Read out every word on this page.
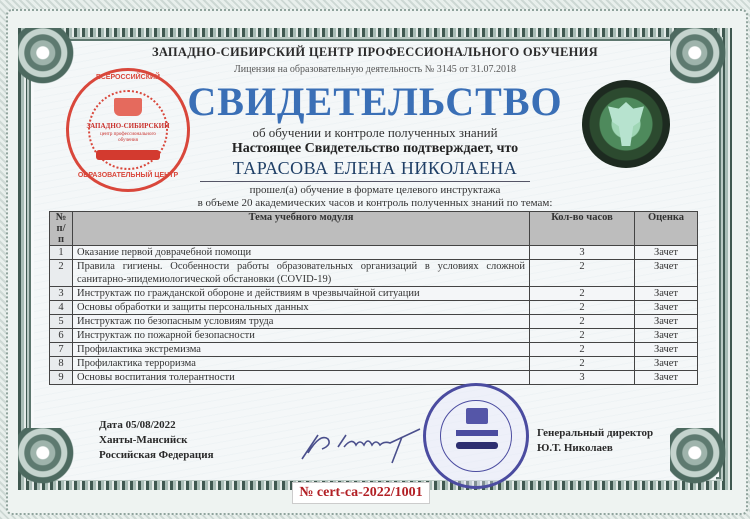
ВСЕРОССИЙСКИЙ
ЗАПАДНО-СИБИРСКИЙ
центр профессионального обучения
ОБРАЗОВАТЕЛЬНЫЙ ЦЕНТР
ЗАПАДНО-СИБИРСКИЙ ЦЕНТР ПРОФЕССИОНАЛЬНОГО ОБУЧЕНИЯ
Лицензия на образовательную деятельность № 3145 от 31.07.2018
СВИДЕТЕЛЬСТВО
об обучении и контроле полученных знаний
Настоящее Свидетельство подтверждает, что
ТАРАСОВА ЕЛЕНА НИКОЛАЕНА
прошел(а) обучение в формате целевого инструктажа
в объеме 20 академических часов и контроль полученных знаний по темам:
№ п/п	Тема учебного модуля	Кол-во часов	Оценка
1	Оказание первой доврачебной помощи	3	Зачет
2	Правила гигиены. Особенности работы образовательных организаций в условиях сложной санитарно-эпидемиологической обстановки (COVID-19)	2	Зачет
3	Инструктаж по гражданской обороне и действиям в чрезвычайной ситуации	2	Зачет
4	Основы обработки и защиты персональных данных	2	Зачет
5	Инструктаж по безопасным условиям труда	2	Зачет
6	Инструктаж по пожарной безопасности	2	Зачет
7	Профилактика экстремизма	2	Зачет
8	Профилактика терроризма	2	Зачет
9	Основы воспитания толерантности	3	Зачет
Дата 05/08/2022
Ханты-Мансийск
Российская Федерация
Генеральный директор
Ю.Т. Николаев
№ cert-ca-2022/1001
